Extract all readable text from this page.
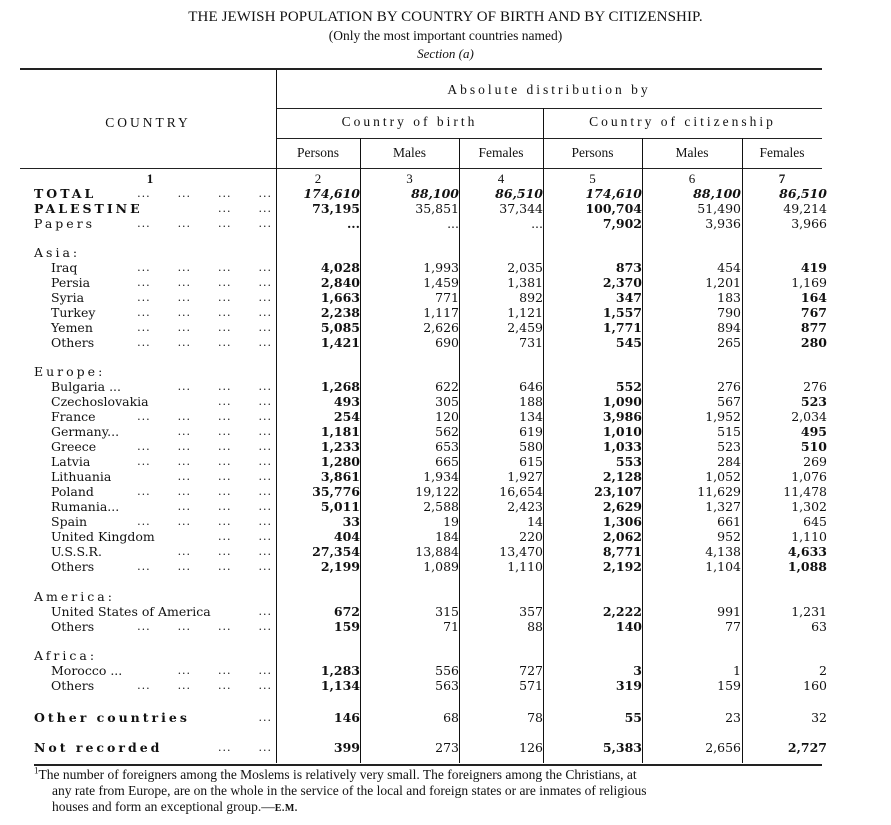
THE JEWISH POPULATION BY COUNTRY OF BIRTH AND BY CITIZENSHIP.
(Only the most important countries named)
Section (a)
COUNTRY
Absolute distribution by
Country of birth	Country of citizenship
Persons	Males	Females	Persons	Males	Females
1	2	3	4	5	6	7
TOTAL	...      ...      ...      ...	174,610	88,100	86,510	174,610	88,100	86,510
PALESTINE	...      ...	73,195	35,851	37,344	100,704	51,490	49,214
Papers	...      ...      ...      ...	...	...	...	7,902	3,936	3,966
Asia:
Iraq	...      ...      ...      ...	4,028	1,993	2,035	873	454	419
Persia	...      ...      ...      ...	2,840	1,459	1,381	2,370	1,201	1,169
Syria	...      ...      ...      ...	1,663	771	892	347	183	164
Turkey	...      ...      ...      ...	2,238	1,117	1,121	1,557	790	767
Yemen	...      ...      ...      ...	5,085	2,626	2,459	1,771	894	877
Others	...      ...      ...      ...	1,421	690	731	545	265	280
Europe:
Bulgaria ...	...      ...      ...	1,268	622	646	552	276	276
Czechoslovakia	...      ...	493	305	188	1,090	567	523
France	...      ...      ...      ...	254	120	134	3,986	1,952	2,034
Germany...	...      ...      ...	1,181	562	619	1,010	515	495
Greece	...      ...      ...      ...	1,233	653	580	1,033	523	510
Latvia	...      ...      ...      ...	1,280	665	615	553	284	269
Lithuania	...      ...      ...	3,861	1,934	1,927	2,128	1,052	1,076
Poland	...      ...      ...      ...	35,776	19,122	16,654	23,107	11,629	11,478
Rumania...	...      ...      ...	5,011	2,588	2,423	2,629	1,327	1,302
Spain	...      ...      ...      ...	33	19	14	1,306	661	645
United Kingdom	...      ...	404	184	220	2,062	952	1,110
U.S.S.R.	...      ...      ...	27,354	13,884	13,470	8,771	4,138	4,633
Others	...      ...      ...      ...	2,199	1,089	1,110	2,192	1,104	1,088
America:
United States of America	...	672	315	357	2,222	991	1,231
Others	...      ...      ...      ...	159	71	88	140	77	63
Africa:
Morocco ...	...      ...      ...	1,283	556	727	3	1	2
Others	...      ...      ...      ...	1,134	563	571	319	159	160
Other countries	...	146	68	78	55	23	32
Not recorded	...      ...	399	273	126	5,383	2,656	2,727
$^1$The number of foreigners among the Moslems is relatively very small. The foreigners among the Christians, at
any rate from Europe, are on the whole in the service of the local and foreign states or are inmates of religious
houses and form an exceptional group.—E.M.
